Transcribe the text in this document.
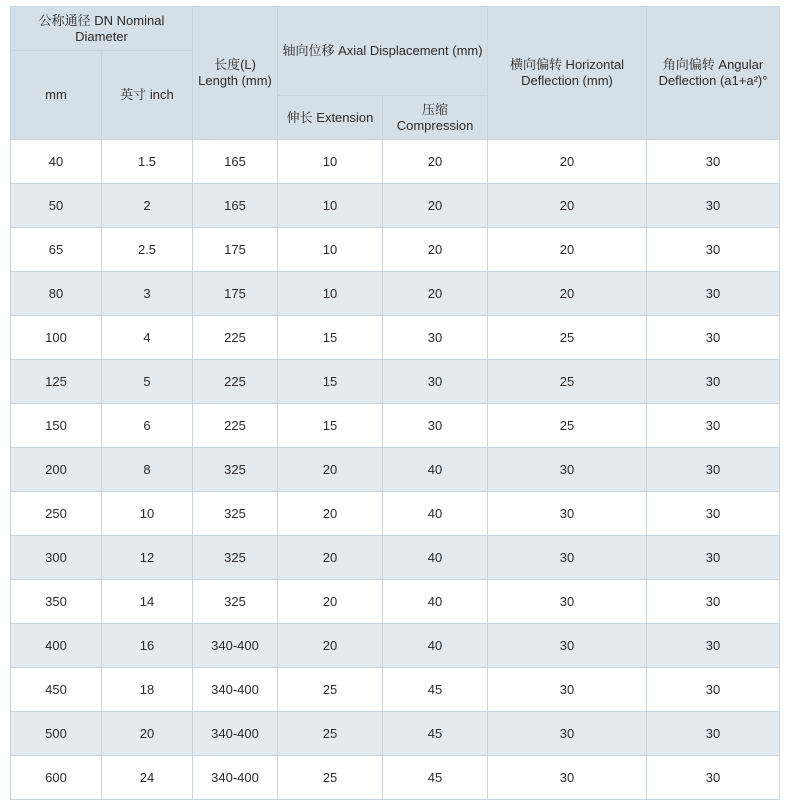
公称通径 DN Nominal Diameter		长度(L) Length (mm)	轴向位移 Axial Displacement (mm)		横向偏转 Horizontal Deflection (mm)	角向偏转 Angular Deflection (a1+a²)°
mm	英寸 inch					
			伸长 Extension	压缩 Compression		
40	1.5	165	10	20	20	30
50	2	165	10	20	20	30
65	2.5	175	10	20	20	30
80	3	175	10	20	20	30
100	4	225	15	30	25	30
125	5	225	15	30	25	30
150	6	225	15	30	25	30
200	8	325	20	40	30	30
250	10	325	20	40	30	30
300	12	325	20	40	30	30
350	14	325	20	40	30	30
400	16	340-400	20	40	30	30
450	18	340-400	25	45	30	30
500	20	340-400	25	45	30	30
600	24	340-400	25	45	30	30
